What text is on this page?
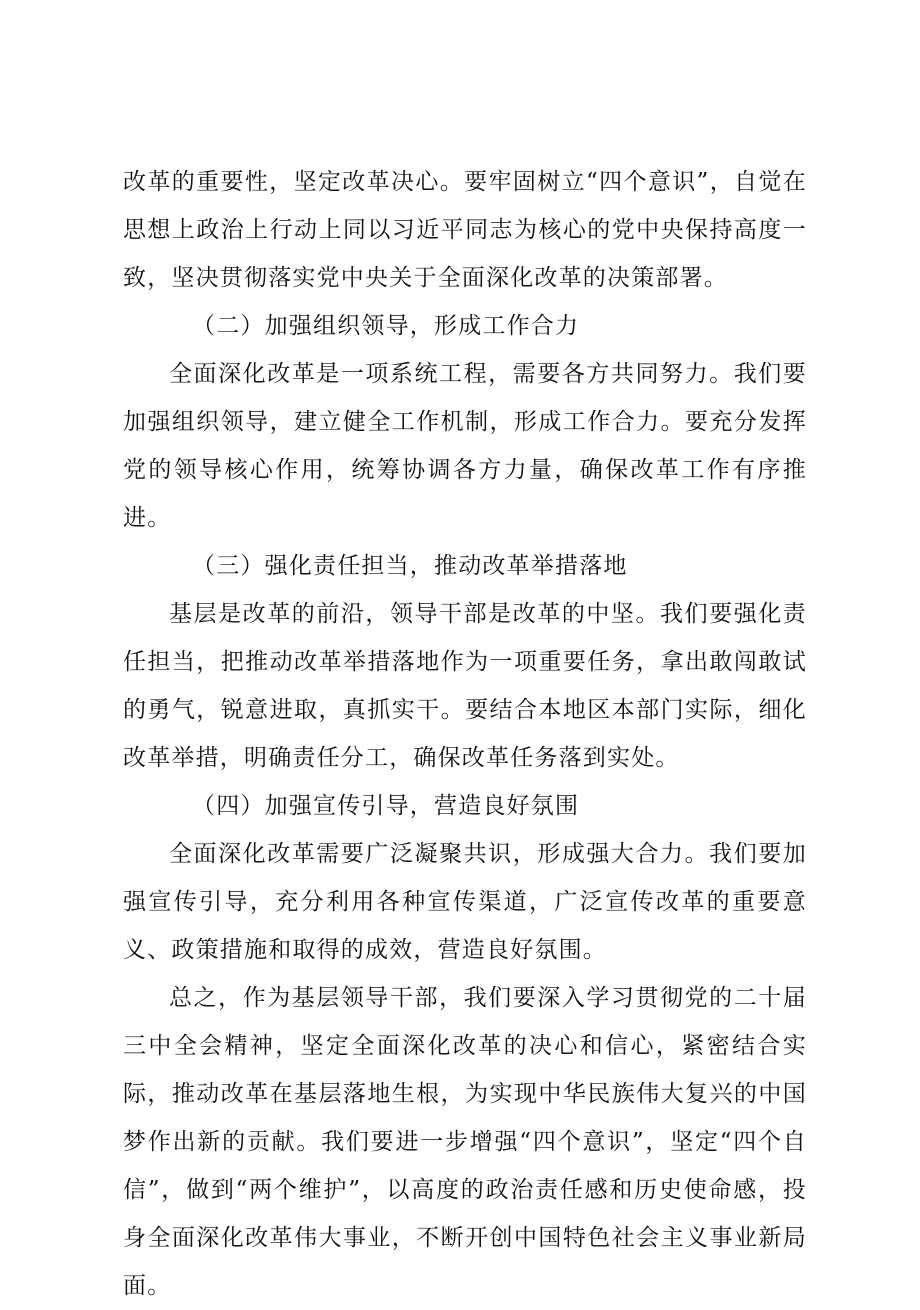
改革的重要性，坚定改革决心。要牢固树立“四个意识”，自觉在思想上政治上行动上同以习近平同志为核心的党中央保持高度一致，坚决贯彻落实党中央关于全面深化改革的决策部署。

（二）加强组织领导，形成工作合力

全面深化改革是一项系统工程，需要各方共同努力。我们要加强组织领导，建立健全工作机制，形成工作合力。要充分发挥党的领导核心作用，统筹协调各方力量，确保改革工作有序推进。

（三）强化责任担当，推动改革举措落地

基层是改革的前沿，领导干部是改革的中坚。我们要强化责任担当，把推动改革举措落地作为一项重要任务，拿出敢闯敢试的勇气，锐意进取，真抓实干。要结合本地区本部门实际，细化改革举措，明确责任分工，确保改革任务落到实处。

（四）加强宣传引导，营造良好氛围

全面深化改革需要广泛凝聚共识，形成强大合力。我们要加强宣传引导，充分利用各种宣传渠道，广泛宣传改革的重要意义、政策措施和取得的成效，营造良好氛围。

总之，作为基层领导干部，我们要深入学习贯彻党的二十届三中全会精神，坚定全面深化改革的决心和信心，紧密结合实际，推动改革在基层落地生根，为实现中华民族伟大复兴的中国梦作出新的贡献。我们要进一步增强“四个意识”，坚定“四个自信”，做到“两个维护”，以高度的政治责任感和历史使命感，投身全面深化改革伟大事业，不断开创中国特色社会主义事业新局面。
